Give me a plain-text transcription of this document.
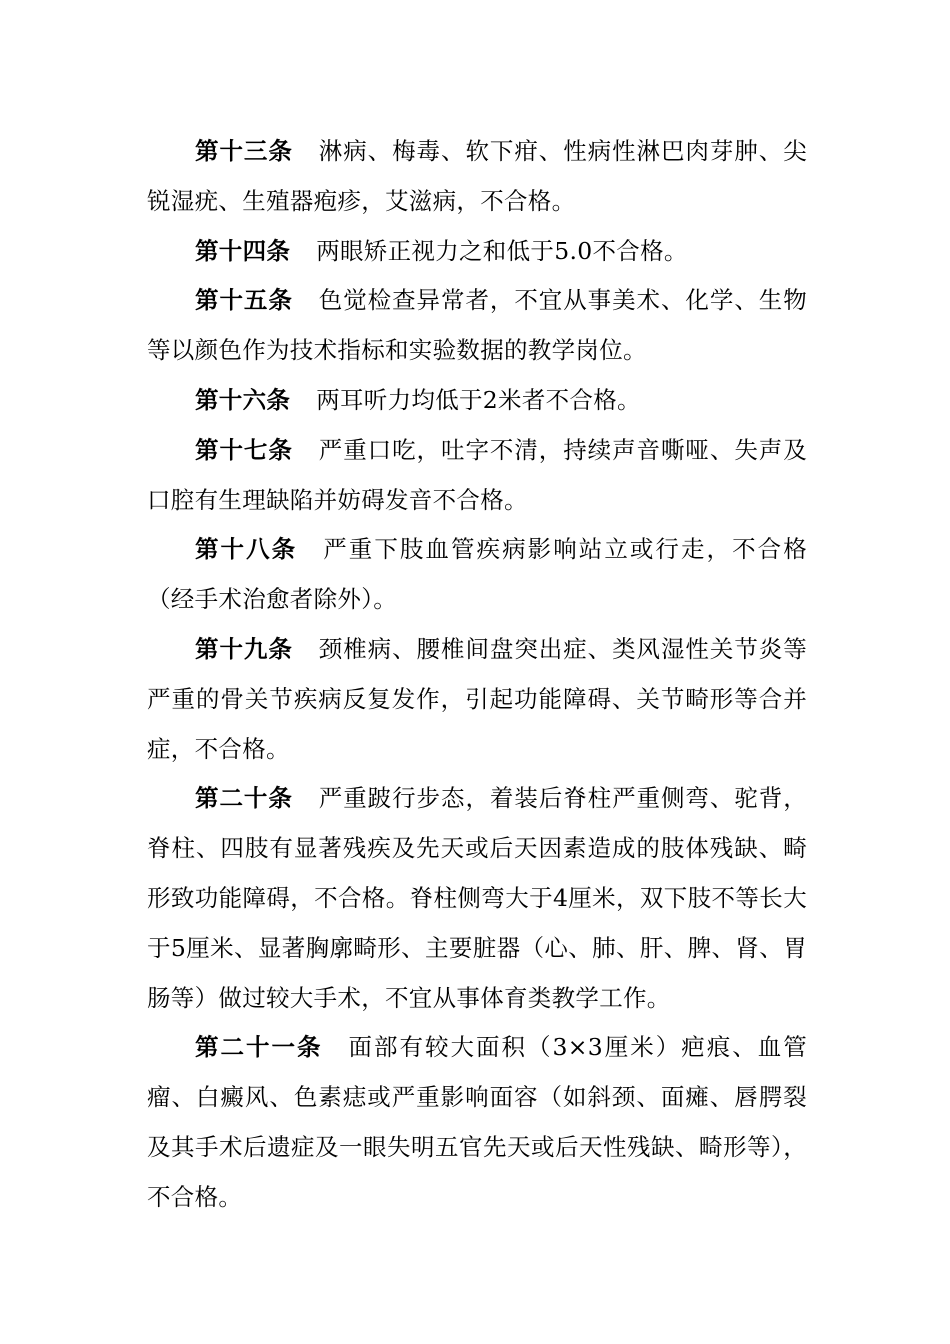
第十三条 淋病、梅毒、软下疳、性病性淋巴肉芽肿、尖锐湿疣、生殖器疱疹，艾滋病，不合格。

第十四条 两眼矫正视力之和低于5.0不合格。

第十五条 色觉检查异常者，不宜从事美术、化学、生物等以颜色作为技术指标和实验数据的教学岗位。

第十六条 两耳听力均低于2米者不合格。

第十七条 严重口吃，吐字不清，持续声音嘶哑、失声及口腔有生理缺陷并妨碍发音不合格。

第十八条 严重下肢血管疾病影响站立或行走，不合格（经手术治愈者除外）。

第十九条 颈椎病、腰椎间盘突出症、类风湿性关节炎等严重的骨关节疾病反复发作，引起功能障碍、关节畸形等合并症，不合格。

第二十条 严重跛行步态，着装后脊柱严重侧弯、驼背，脊柱、四肢有显著残疾及先天或后天因素造成的肢体残缺、畸形致功能障碍，不合格。脊柱侧弯大于4厘米，双下肢不等长大于5厘米、显著胸廓畸形、主要脏器（心、肺、肝、脾、肾、胃肠等）做过较大手术，不宜从事体育类教学工作。

第二十一条 面部有较大面积（3×3厘米）疤痕、血管瘤、白癜风、色素痣或严重影响面容（如斜颈、面瘫、唇腭裂及其手术后遗症及一眼失明五官先天或后天性残缺、畸形等），不合格。
